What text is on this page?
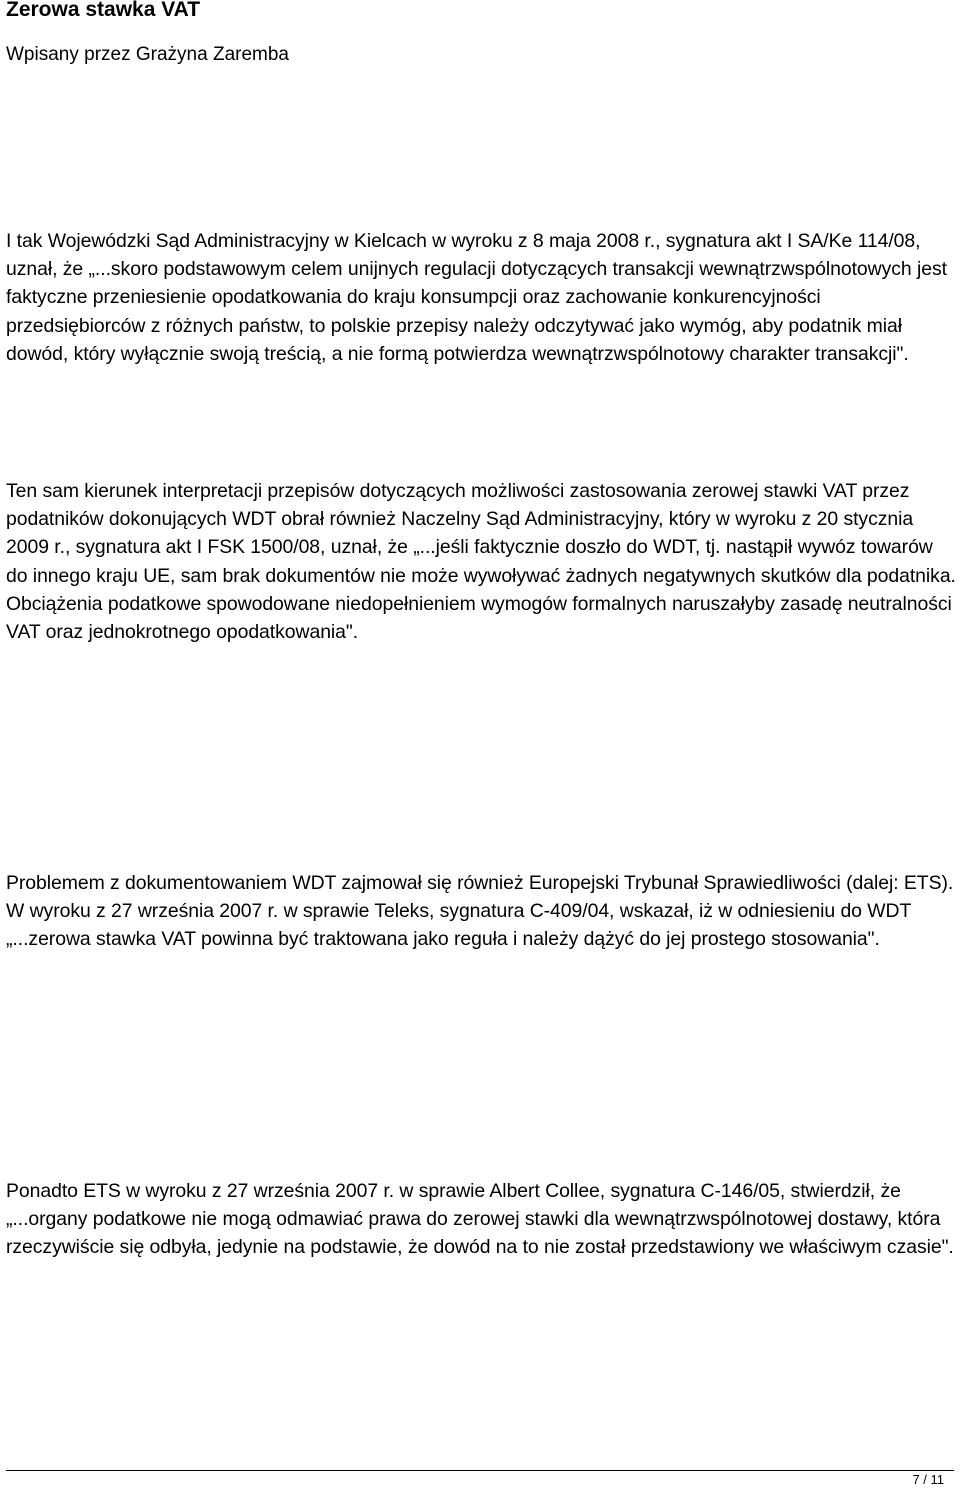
Zerowa stawka VAT
Wpisany przez Grażyna Zaremba

I tak Wojewódzki Sąd Administracyjny w Kielcach w wyroku z 8 maja 2008 r., sygnatura akt I SA/Ke 114/08, uznał, że „...skoro podstawowym celem unijnych regulacji dotyczących transakcji wewnątrzwspólnotowych jest faktyczne przeniesienie opodatkowania do kraju konsumpcji oraz zachowanie konkurencyjności przedsiębiorców z różnych państw, to polskie przepisy należy odczytywać jako wymóg, aby podatnik miał dowód, który wyłącznie swoją treścią, a nie formą potwierdza wewnątrzwspólnotowy charakter transakcji".

Ten sam kierunek interpretacji przepisów dotyczących możliwości zastosowania zerowej stawki VAT przez podatników dokonujących WDT obrał również Naczelny Sąd Administracyjny, który w wyroku z 20 stycznia 2009 r., sygnatura akt I FSK 1500/08, uznał, że „...jeśli faktycznie doszło do WDT, tj. nastąpił wywóz towarów do innego kraju UE, sam brak dokumentów nie może wywoływać żadnych negatywnych skutków dla podatnika. Obciążenia podatkowe spowodowane niedopełnieniem wymogów formalnych naruszałyby zasadę neutralności VAT oraz jednokrotnego opodatkowania".

Problemem z dokumentowaniem WDT zajmował się również Europejski Trybunał Sprawiedliwości (dalej: ETS). W wyroku z 27 września 2007 r. w sprawie Teleks, sygnatura C-409/04, wskazał, iż w odniesieniu do WDT „...zerowa stawka VAT powinna być traktowana jako reguła i należy dążyć do jej prostego stosowania".

Ponadto ETS w wyroku z 27 września 2007 r. w sprawie Albert Collee, sygnatura C-146/05, stwierdził, że „...organy podatkowe nie mogą odmawiać prawa do zerowej stawki dla wewnątrzwspólnotowej dostawy, która rzeczywiście się odbyła, jedynie na podstawie, że dowód na to nie został przedstawiony we właściwym czasie".

7 / 11
